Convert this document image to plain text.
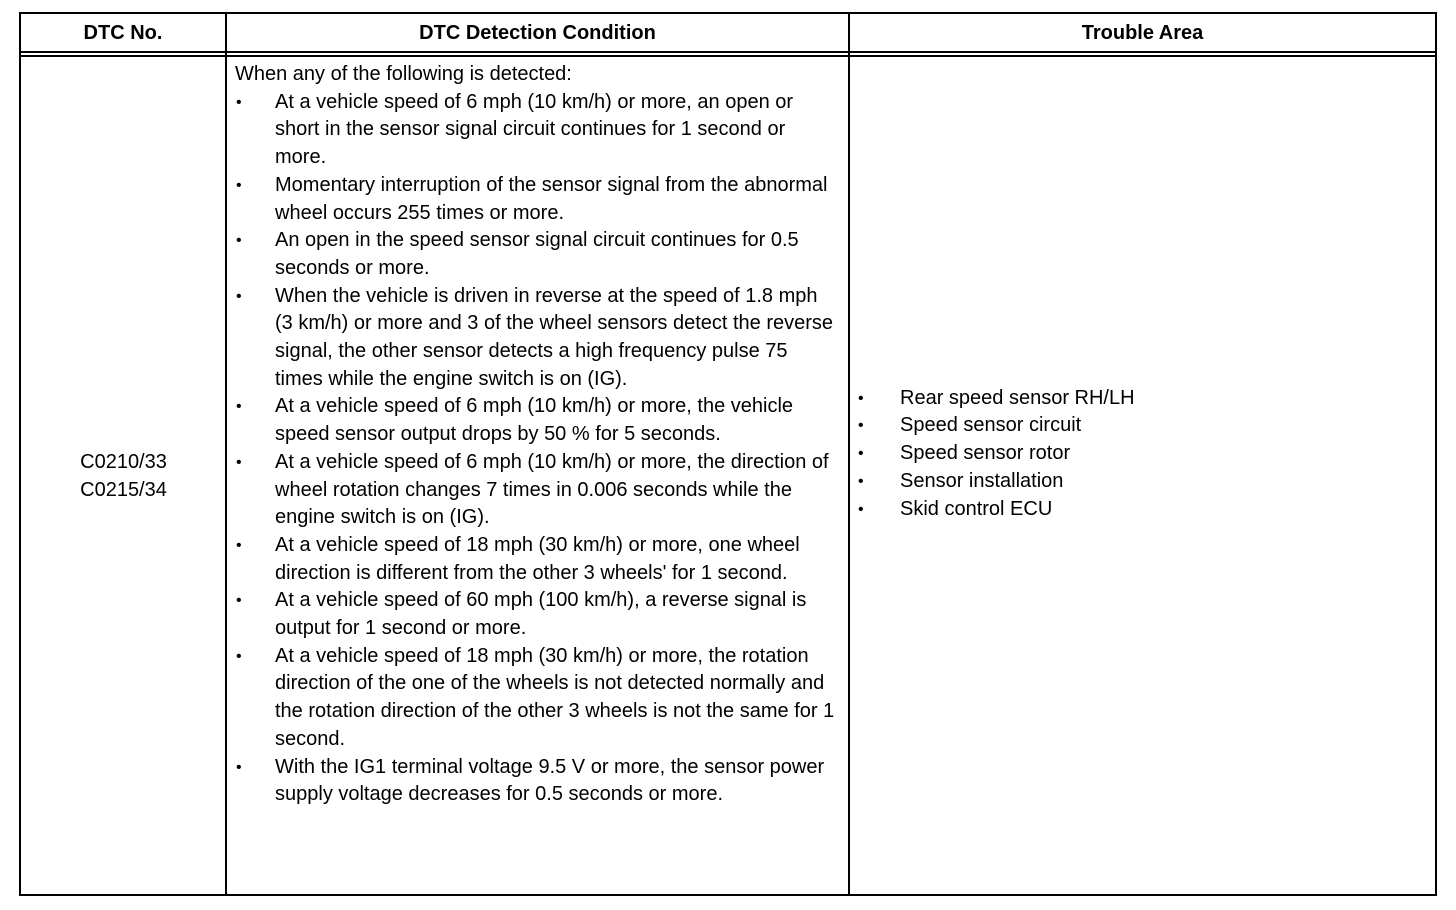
DTC No.	DTC Detection Condition	Trouble Area
C0210/33
C0215/34

When any of the following is detected:

• At a vehicle speed of 6 mph (10 km/h) or more, an open or short in the sensor signal circuit continues for 1 second or more.
• Momentary interruption of the sensor signal from the abnormal wheel occurs 255 times or more.
• An open in the speed sensor signal circuit continues for 0.5 seconds or more.
• When the vehicle is driven in reverse at the speed of 1.8 mph (3 km/h) or more and 3 of the wheel sensors detect the reverse signal, the other sensor detects a high frequency pulse 75 times while the engine switch is on (IG).
• At a vehicle speed of 6 mph (10 km/h) or more, the vehicle speed sensor output drops by 50 % for 5 seconds.
• At a vehicle speed of 6 mph (10 km/h) or more, the direction of wheel rotation changes 7 times in 0.006 seconds while the engine switch is on (IG).
• At a vehicle speed of 18 mph (30 km/h) or more, one wheel direction is different from the other 3 wheels' for 1 second.
• At a vehicle speed of 60 mph (100 km/h), a reverse signal is output for 1 second or more.
• At a vehicle speed of 18 mph (30 km/h) or more, the rotation direction of the one of the wheels is not detected normally and the rotation direction of the other 3 wheels is not the same for 1 second.
• With the IG1 terminal voltage 9.5 V or more, the sensor power supply voltage decreases for 0.5 seconds or more.
• Rear speed sensor RH/LH
• Speed sensor circuit
• Speed sensor rotor
• Sensor installation
• Skid control ECU
